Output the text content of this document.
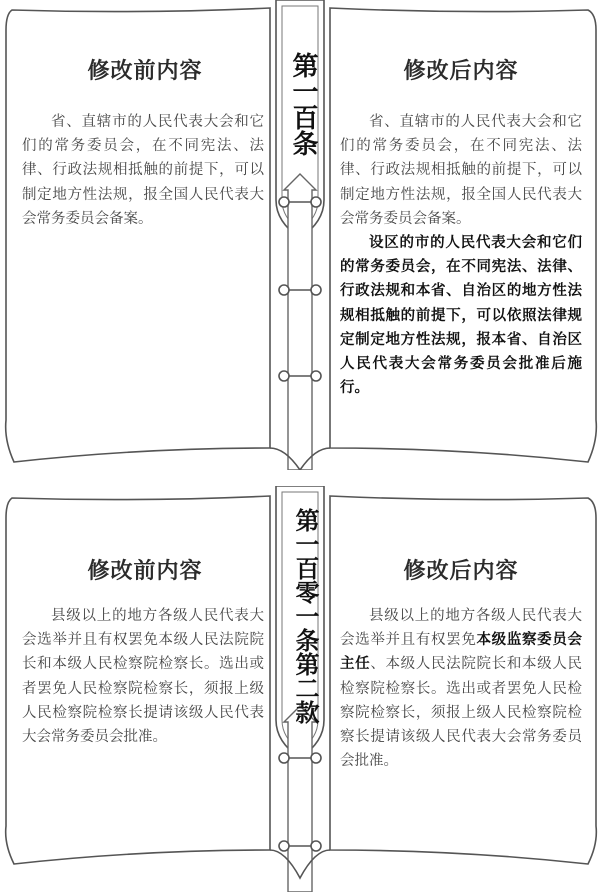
第一百条
修改前内容

省、直辖市的人民代表大会和它们的常务委员会，在不同宪法、法律、行政法规相抵触的前提下，可以制定地方性法规，报全国人民代表大会常务委员会备案。

修改后内容

省、直辖市的人民代表大会和它们的常务委员会，在不同宪法、法律、行政法规相抵触的前提下，可以制定地方性法规，报全国人民代表大会常务委员会备案。

设区的市的人民代表大会和它们的常务委员会，在不同宪法、法律、行政法规和本省、自治区的地方性法规相抵触的前提下，可以依照法律规定制定地方性法规，报本省、自治区人民代表大会常务委员会批准后施行。

第一百零一条第二款
修改前内容

县级以上的地方各级人民代表大会选举并且有权罢免本级人民法院院长和本级人民检察院检察长。选出或者罢免人民检察院检察长，须报上级人民检察院检察长提请该级人民代表大会常务委员会批准。

修改后内容

县级以上的地方各级人民代表大会选举并且有权罢免本级监察委员会主任、本级人民法院院长和本级人民检察院检察长。选出或者罢免人民检察院检察长，须报上级人民检察院检察长提请该级人民代表大会常务委员会批准。
